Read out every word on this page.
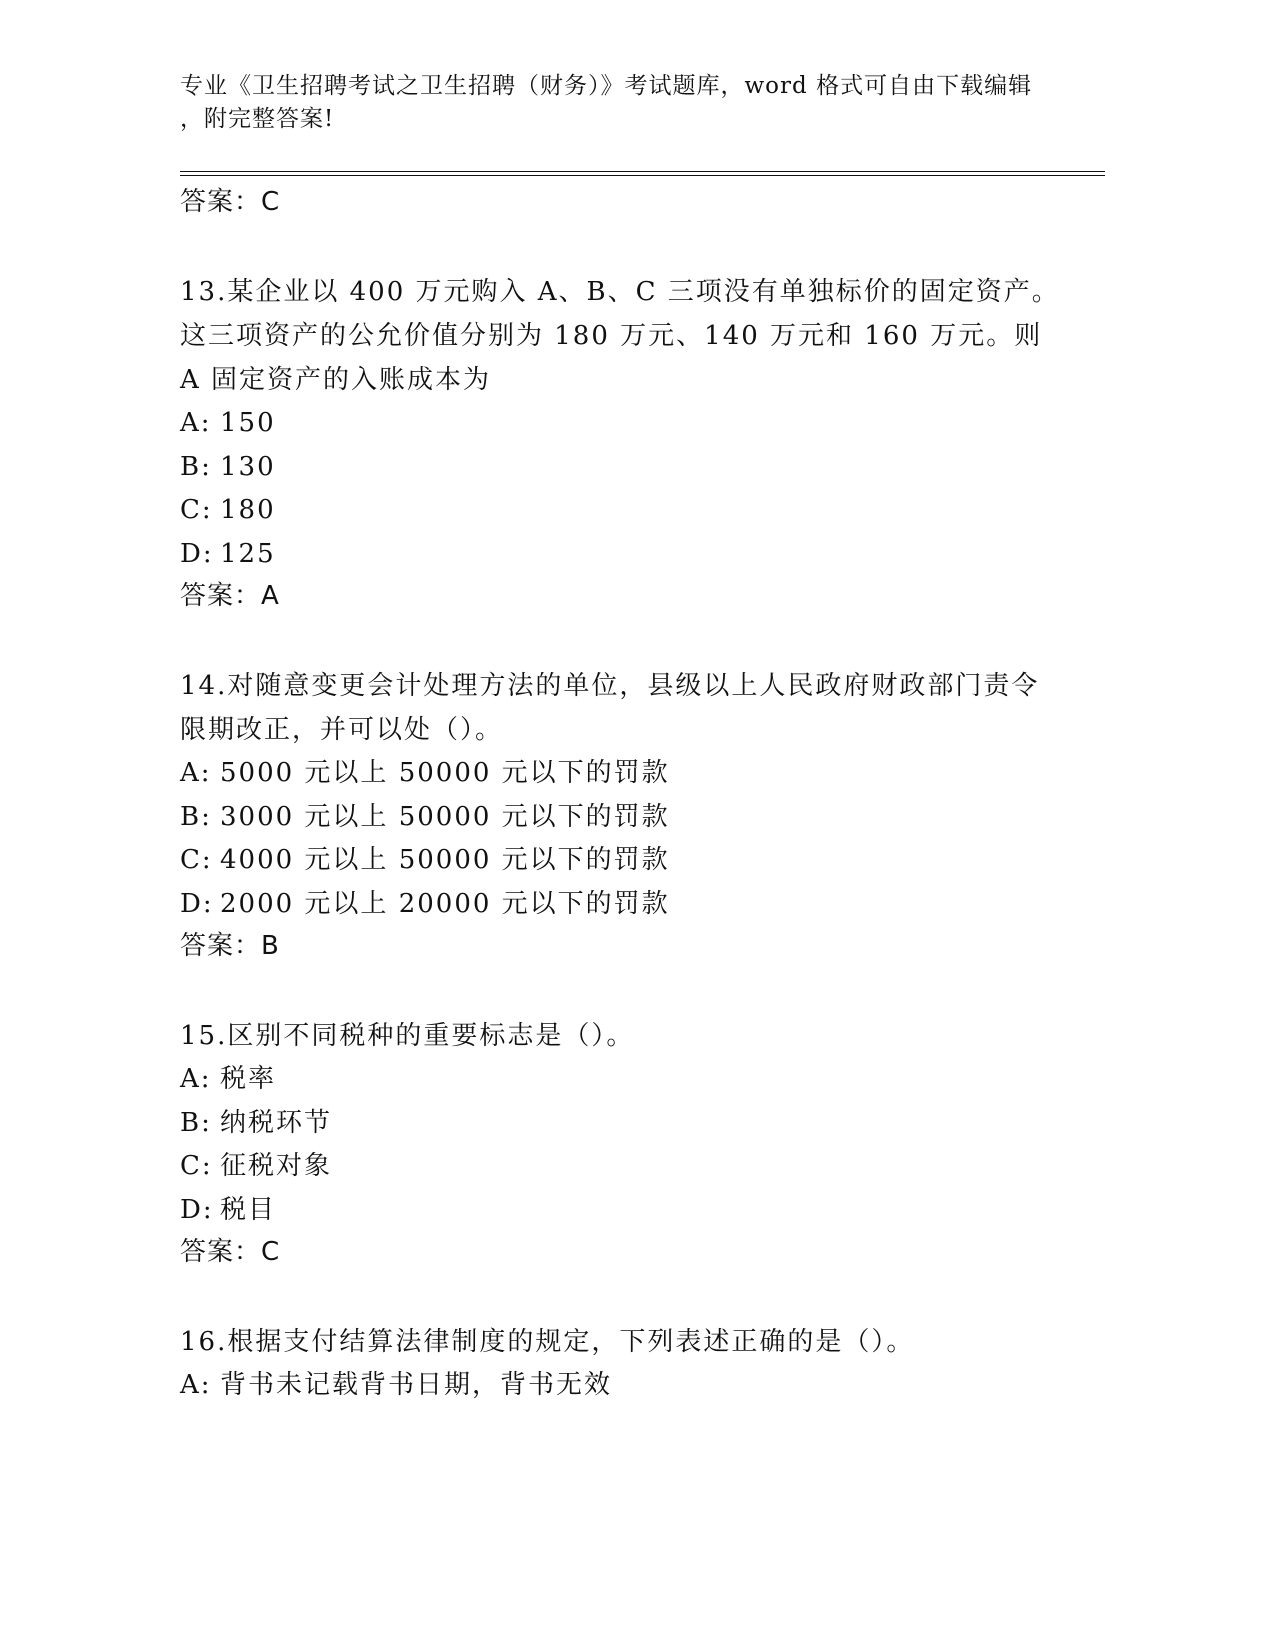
专业《卫生招聘考试之卫生招聘（财务）》考试题库，word 格式可自由下载编辑
，附完整答案!
答案：C

13.某企业以 400 万元购入 A、B、C 三项没有单独标价的固定资产。这三项资产的公允价值分别为 180 万元、140 万元和 160 万元。则 A 固定资产的入账成本为

A: 150
B: 130
C: 180
D: 125
答案：A

14.对随意变更会计处理方法的单位，县级以上人民政府财政部门责令限期改正，并可以处（）。

A: 5000 元以上 50000 元以下的罚款
B: 3000 元以上 50000 元以下的罚款
C: 4000 元以上 50000 元以下的罚款
D: 2000 元以上 20000 元以下的罚款
答案：B

15.区别不同税种的重要标志是（）。

A: 税率
B: 纳税环节
C: 征税对象
D: 税目
答案：C

16.根据支付结算法律制度的规定，下列表述正确的是（）。

A: 背书未记载背书日期，背书无效
